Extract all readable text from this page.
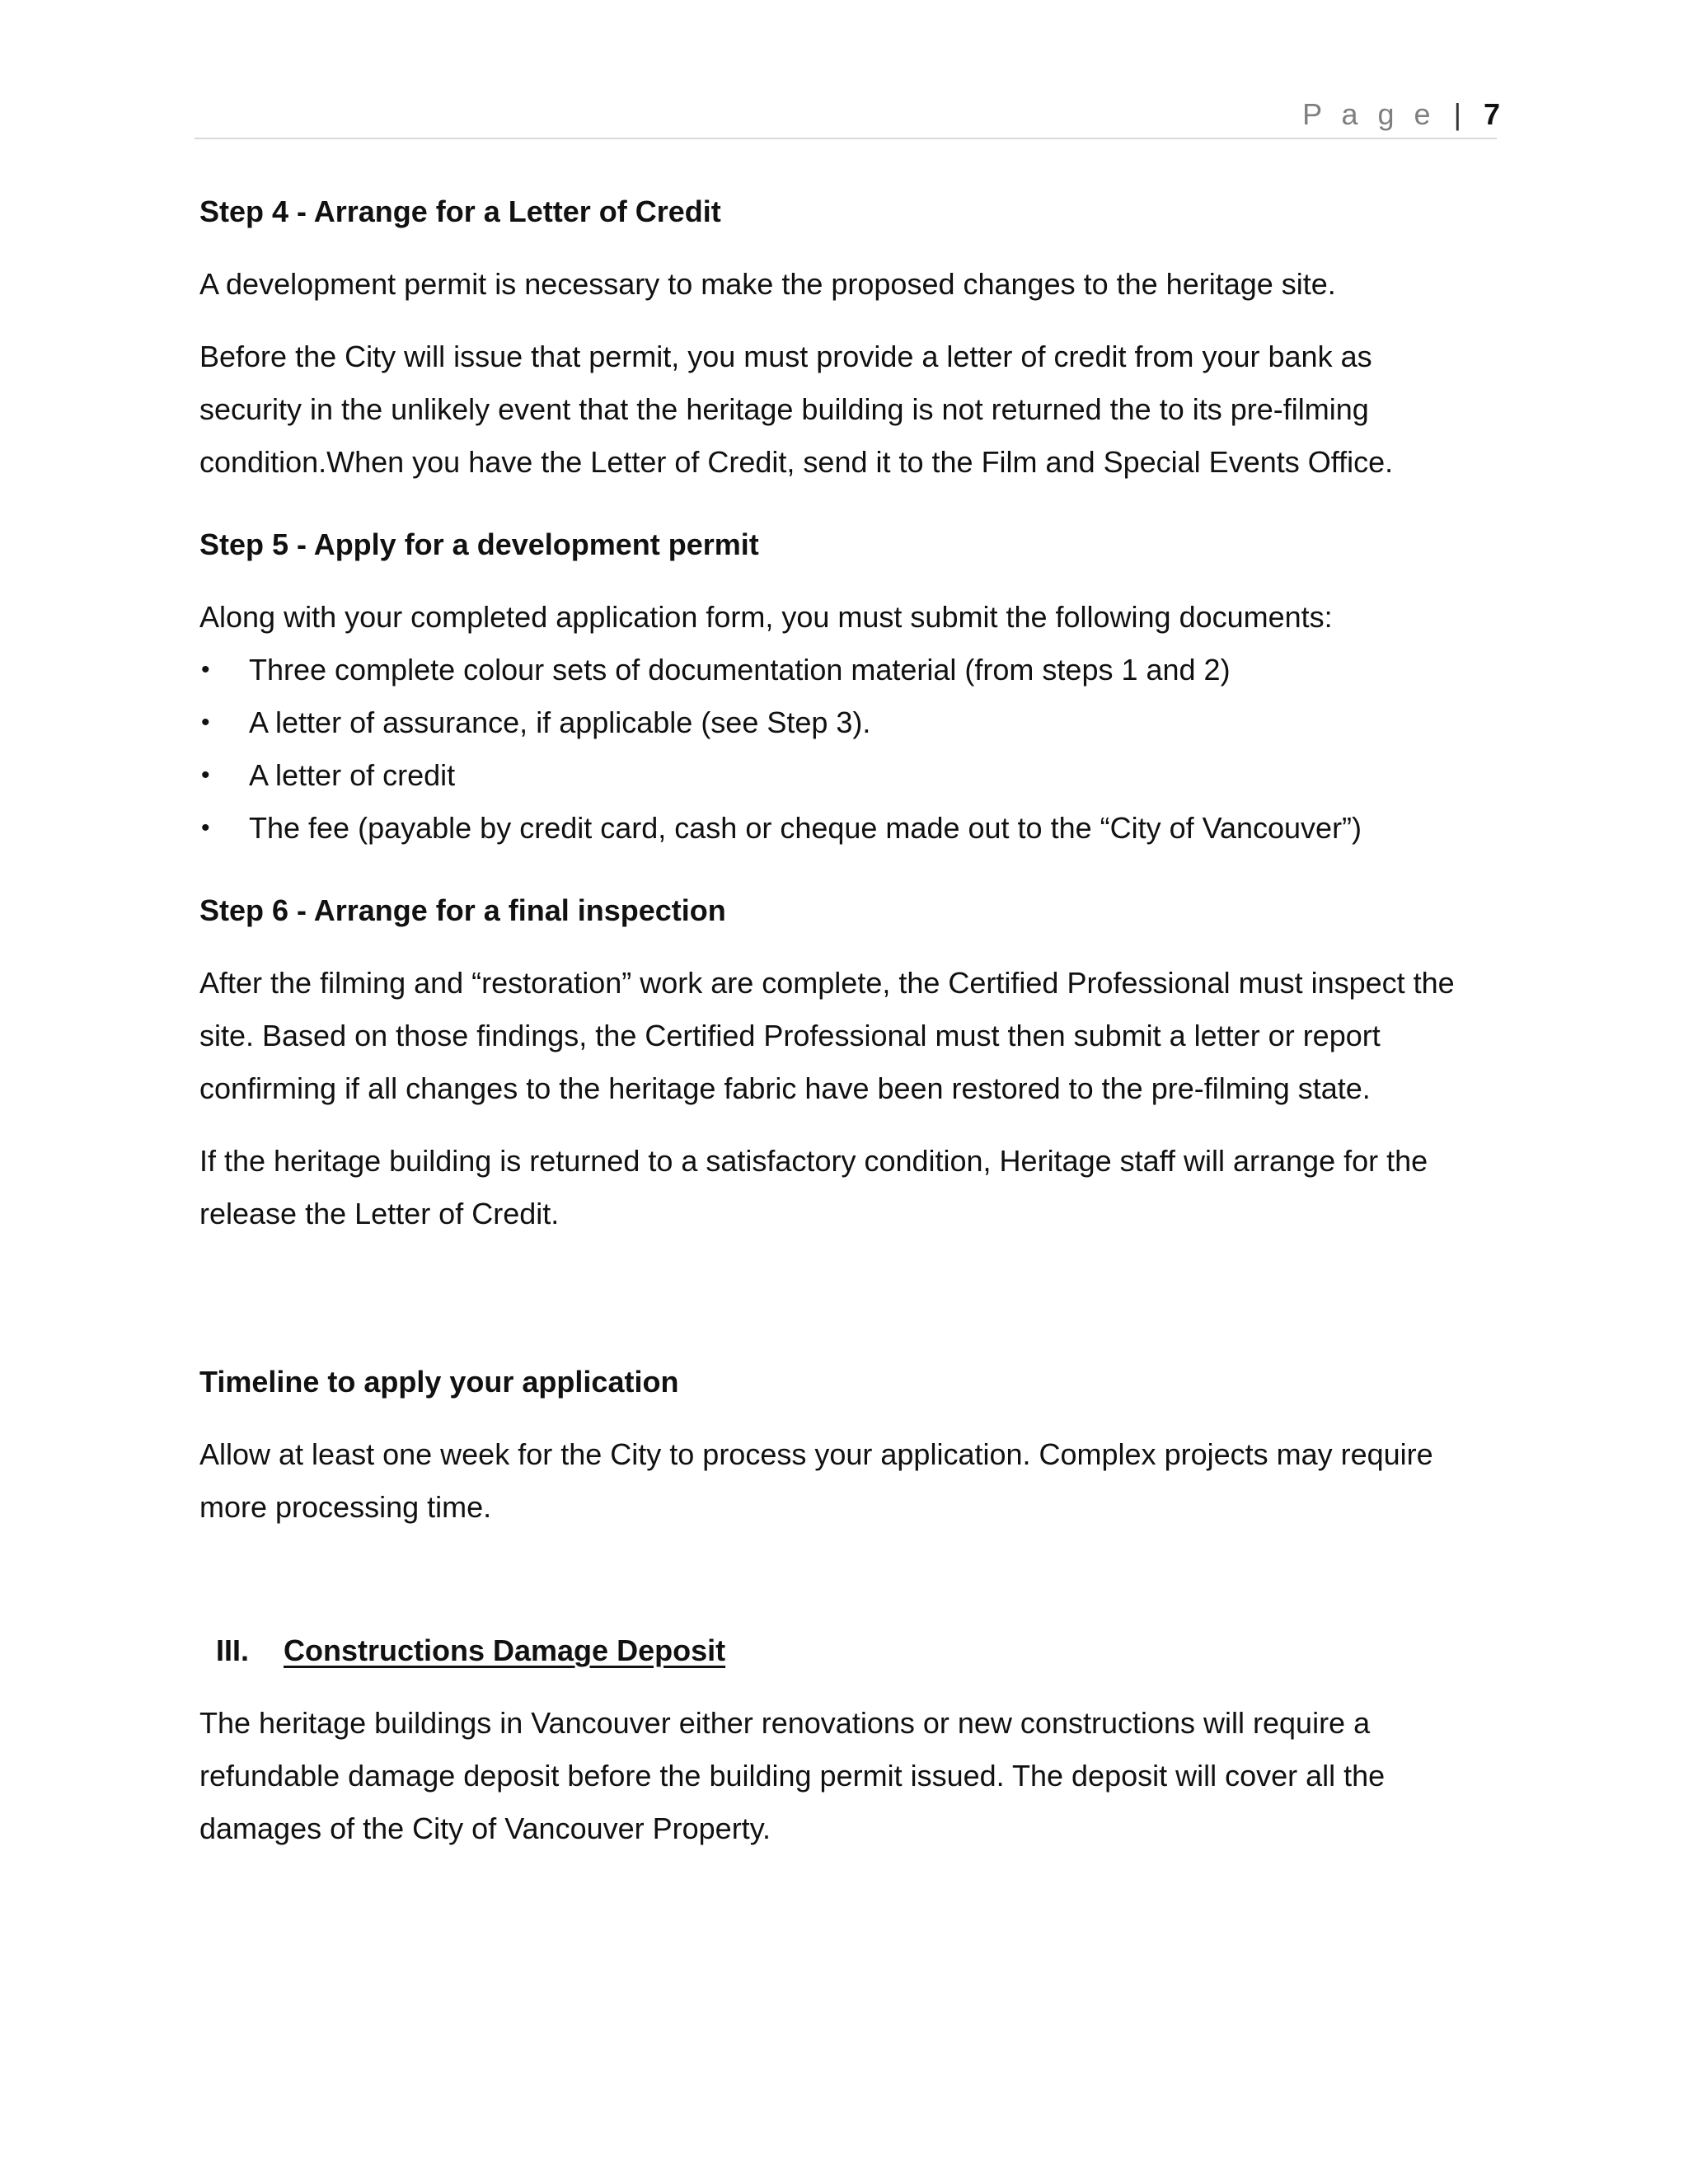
P a g e | 7
Step 4 - Arrange for a Letter of Credit

A development permit is necessary to make the proposed changes to the heritage site.

Before the City will issue that permit, you must provide a letter of credit from your bank as

security in the unlikely event that the heritage building is not returned the to its pre-filming

condition.When you have the Letter of Credit, send it to the Film and Special Events Office.

Step 5 - Apply for a development permit

Along with your completed application form, you must submit the following documents:

• Three complete colour sets of documentation material (from steps 1 and 2)
• A letter of assurance, if applicable (see Step 3).
• A letter of credit
• The fee (payable by credit card, cash or cheque made out to the “City of Vancouver”)
Step 6 - Arrange for a final inspection

After the filming and “restoration” work are complete, the Certified Professional must inspect the

site. Based on those findings, the Certified Professional must then submit a letter or report

confirming if all changes to the heritage fabric have been restored to the pre-filming state.

If the heritage building is returned to a satisfactory condition, Heritage staff will arrange for the

release the Letter of Credit.

Timeline to apply your application

Allow at least one week for the City to process your application. Complex projects may require

more processing time.

III.	Constructions Damage Deposit

The heritage buildings in Vancouver either renovations or new constructions will require a

refundable damage deposit before the building permit issued. The deposit will cover all the

damages of the City of Vancouver Property.
